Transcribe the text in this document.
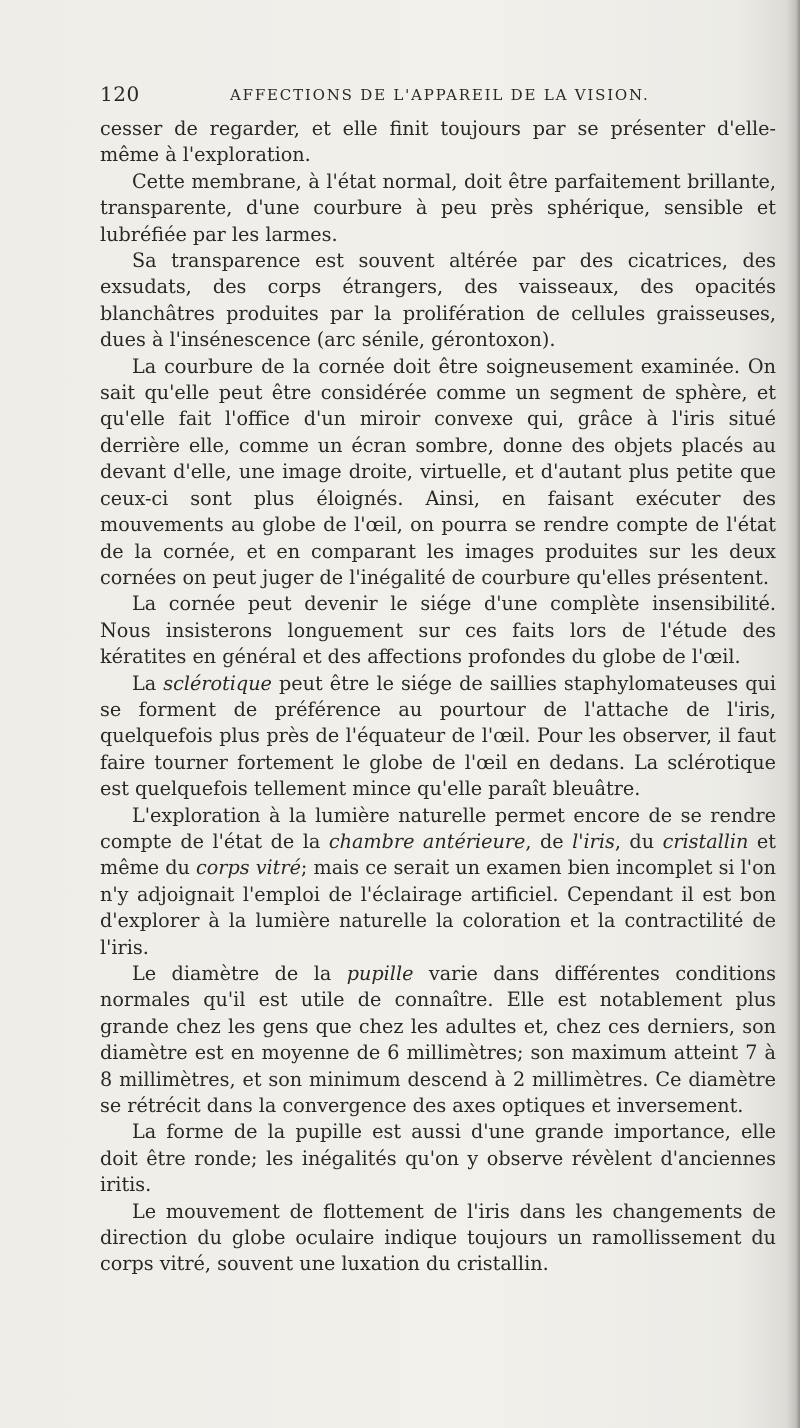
120	AFFECTIONS DE L'APPAREIL DE LA VISION.

cesser de regarder, et elle finit toujours par se présenter d'elle-même à l'exploration.

Cette membrane, à l'état normal, doit être parfaitement brillante, transparente, d'une courbure à peu près sphérique, sensible et lubréfiée par les larmes.

Sa transparence est souvent altérée par des cicatrices, des exsudats, des corps étrangers, des vaisseaux, des opacités blanchâtres produites par la prolifération de cellules graisseuses, dues à l'insénescence (arc sénile, gérontoxon).

La courbure de la cornée doit être soigneusement examinée. On sait qu'elle peut être considérée comme un segment de sphère, et qu'elle fait l'office d'un miroir convexe qui, grâce à l'iris situé derrière elle, comme un écran sombre, donne des objets placés au devant d'elle, une image droite, virtuelle, et d'autant plus petite que ceux-ci sont plus éloignés. Ainsi, en faisant exécuter des mouvements au globe de l'œil, on pourra se rendre compte de l'état de la cornée, et en comparant les images produites sur les deux cornées on peut juger de l'inégalité de courbure qu'elles présentent.

La cornée peut devenir le siége d'une complète insensibilité. Nous insisterons longuement sur ces faits lors de l'étude des kératites en général et des affections profondes du globe de l'œil.

La sclérotique peut être le siége de saillies staphylomateuses qui se forment de préférence au pourtour de l'attache de l'iris, quelquefois plus près de l'équateur de l'œil. Pour les observer, il faut faire tourner fortement le globe de l'œil en dedans. La sclérotique est quelquefois tellement mince qu'elle paraît bleuâtre.

L'exploration à la lumière naturelle permet encore de se rendre compte de l'état de la chambre antérieure, de l'iris, du cristallin et même du corps vitré; mais ce serait un examen bien incomplet si l'on n'y adjoignait l'emploi de l'éclairage artificiel. Cependant il est bon d'explorer à la lumière naturelle la coloration et la contractilité de l'iris.

Le diamètre de la pupille varie dans différentes conditions normales qu'il est utile de connaître. Elle est notablement plus grande chez les gens que chez les adultes et, chez ces derniers, son diamètre est en moyenne de 6 millimètres; son maximum atteint 7 à 8 millimètres, et son minimum descend à 2 millimètres. Ce diamètre se rétrécit dans la convergence des axes optiques et inversement.

La forme de la pupille est aussi d'une grande importance, elle doit être ronde; les inégalités qu'on y observe révèlent d'anciennes iritis.

Le mouvement de flottement de l'iris dans les changements de direction du globe oculaire indique toujours un ramollissement du corps vitré, souvent une luxation du cristallin.
